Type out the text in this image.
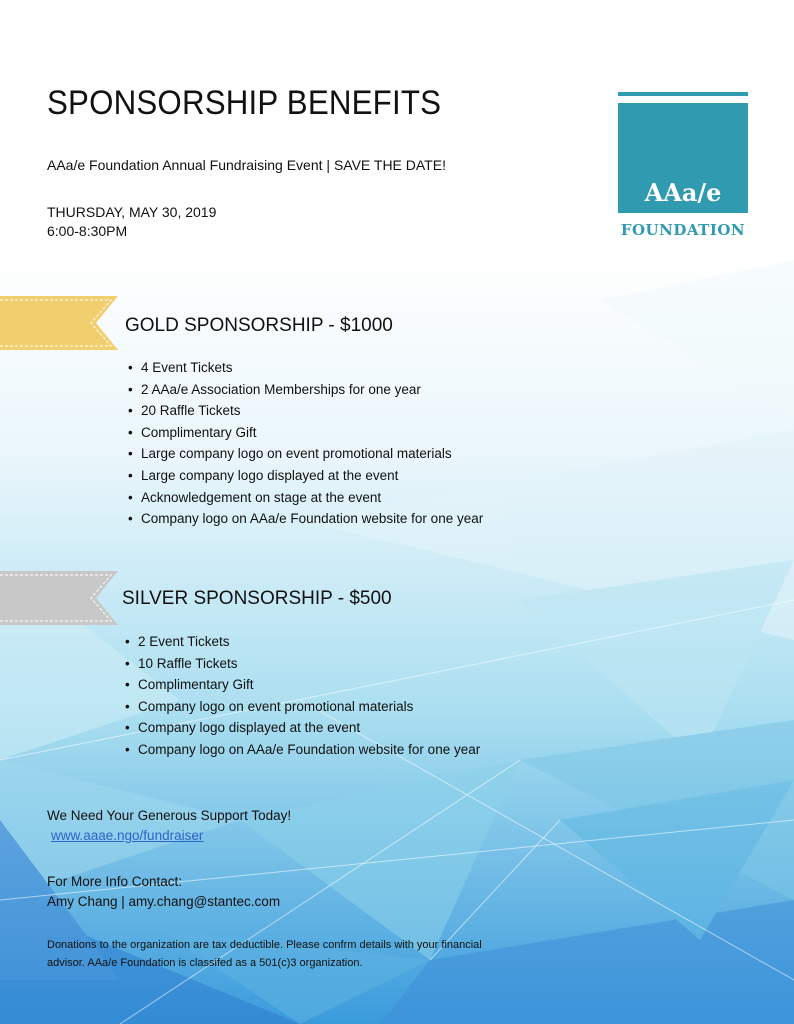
SPONSORSHIP BENEFITS
AAa/e Foundation Annual Fundraising Event | SAVE THE DATE!
THURSDAY, MAY 30, 2019
6:00-8:30PM
AAa/e
FOUNDATION
GOLD SPONSORSHIP - $1000
• 4 Event Tickets
• 2 AAa/e Association Memberships for one year
• 20 Raffle Tickets
• Complimentary Gift
• Large company logo on event promotional materials
• Large company logo displayed at the event
• Acknowledgement on stage at the event
• Company logo on AAa/e Foundation website for one year
SILVER SPONSORSHIP - $500
• 2 Event Tickets
• 10 Raffle Tickets
• Complimentary Gift
• Company logo on event promotional materials
• Company logo displayed at the event
• Company logo on AAa/e Foundation website for one year
We Need Your Generous Support Today!
www.aaae.ngo/fundraiser
For More Info Contact:
Amy Chang | amy.chang@stantec.com
Donations to the organization are tax deductible. Please confrm details with your financial advisor. AAa/e Foundation is classifed as a 501(c)3 organization.
